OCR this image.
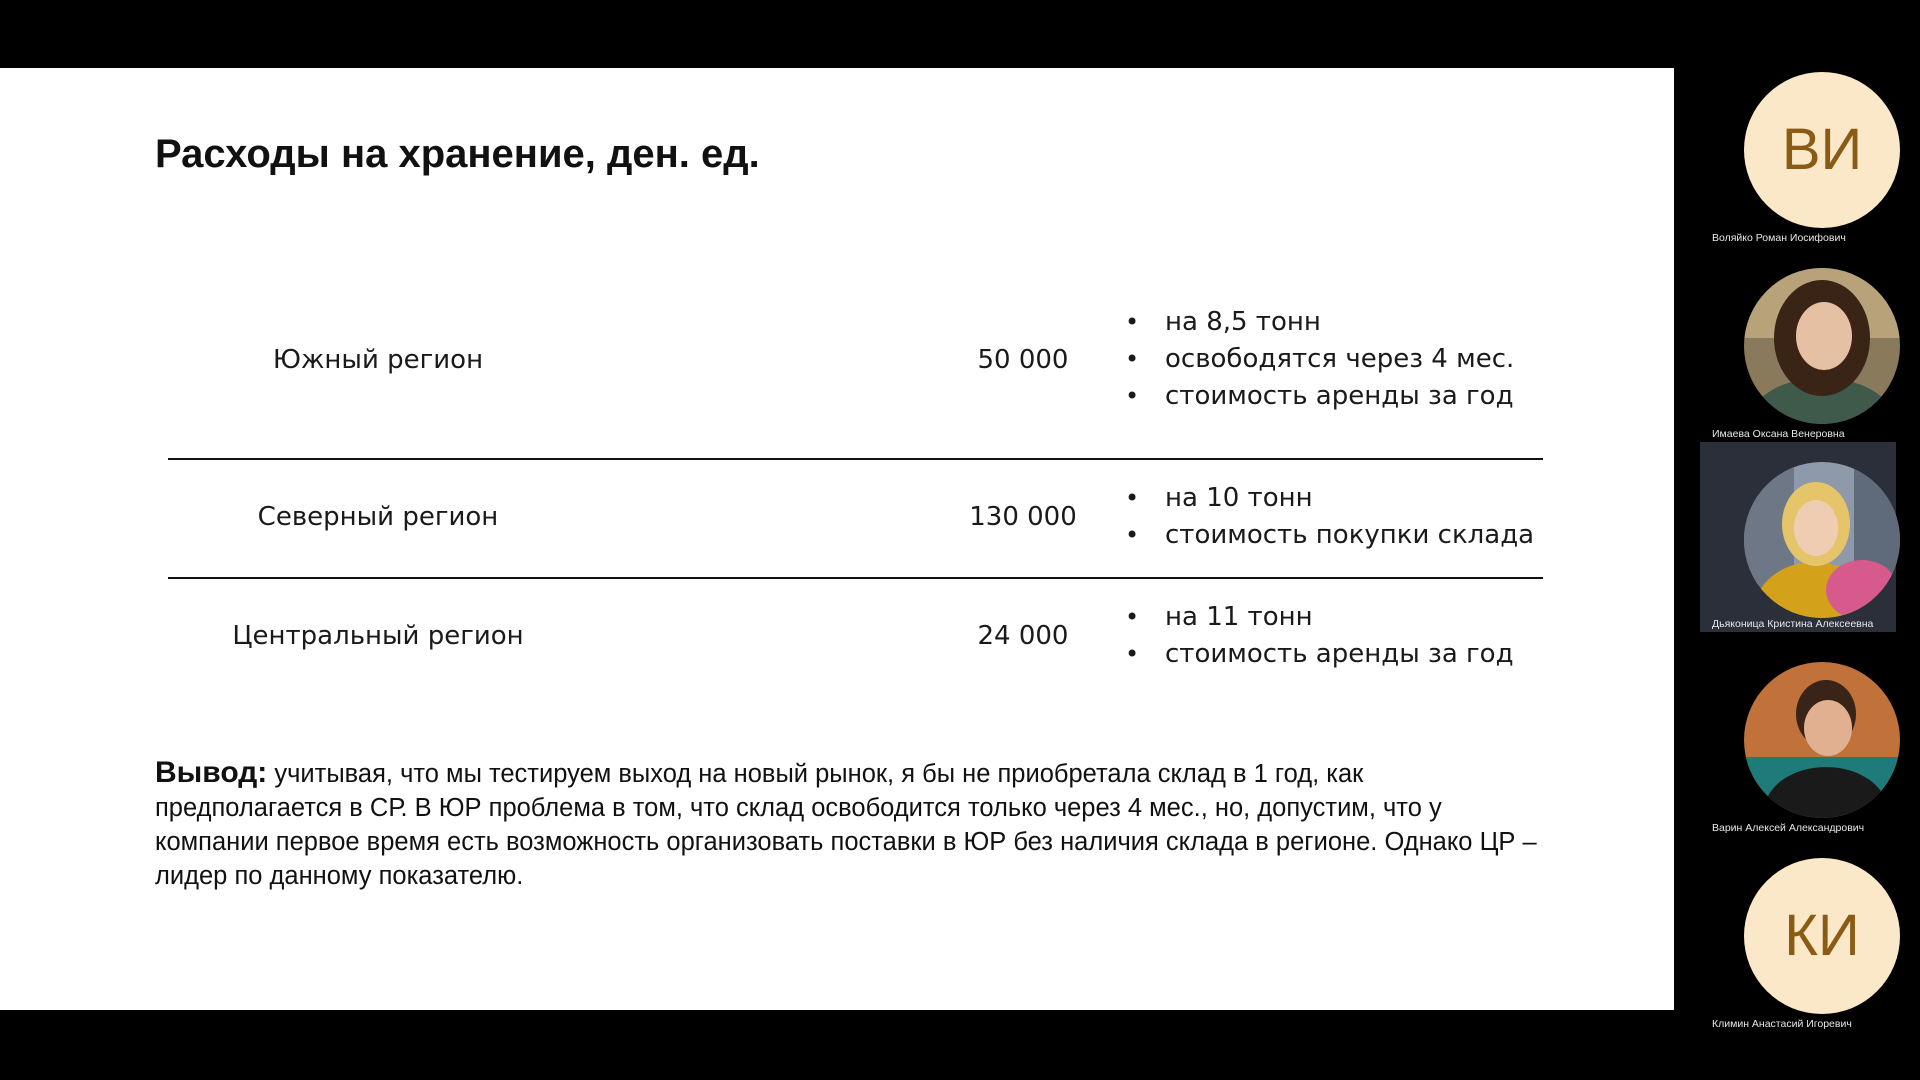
Расходы на хранение, ден. ед.
Южный регион	50 000
• на 8,5 тонн
• освободятся через 4 мес.
• стоимость аренды за год
Северный регион	130 000
• на 10 тонн
• стоимость покупки склада
Центральный регион	24 000
• на 11 тонн
• стоимость аренды за год
Вывод: учитывая, что мы тестируем выход на новый рынок, я бы не приобретала склад в 1 год, как предполагается в СР. В ЮР проблема в том, что склад освободится только через 4 мес., но, допустим, что у компании первое время есть возможность организовать поставки в ЮР без наличия склада в регионе. Однако ЦР – лидер по данному показателю.
ВИ
Воляйко Роман Иосифович
Имаева Оксана Венеровна
Дьяконица Кристина Алексеевна
Варин Алексей Александрович
КИ
Климин Анастасий Игоревич
